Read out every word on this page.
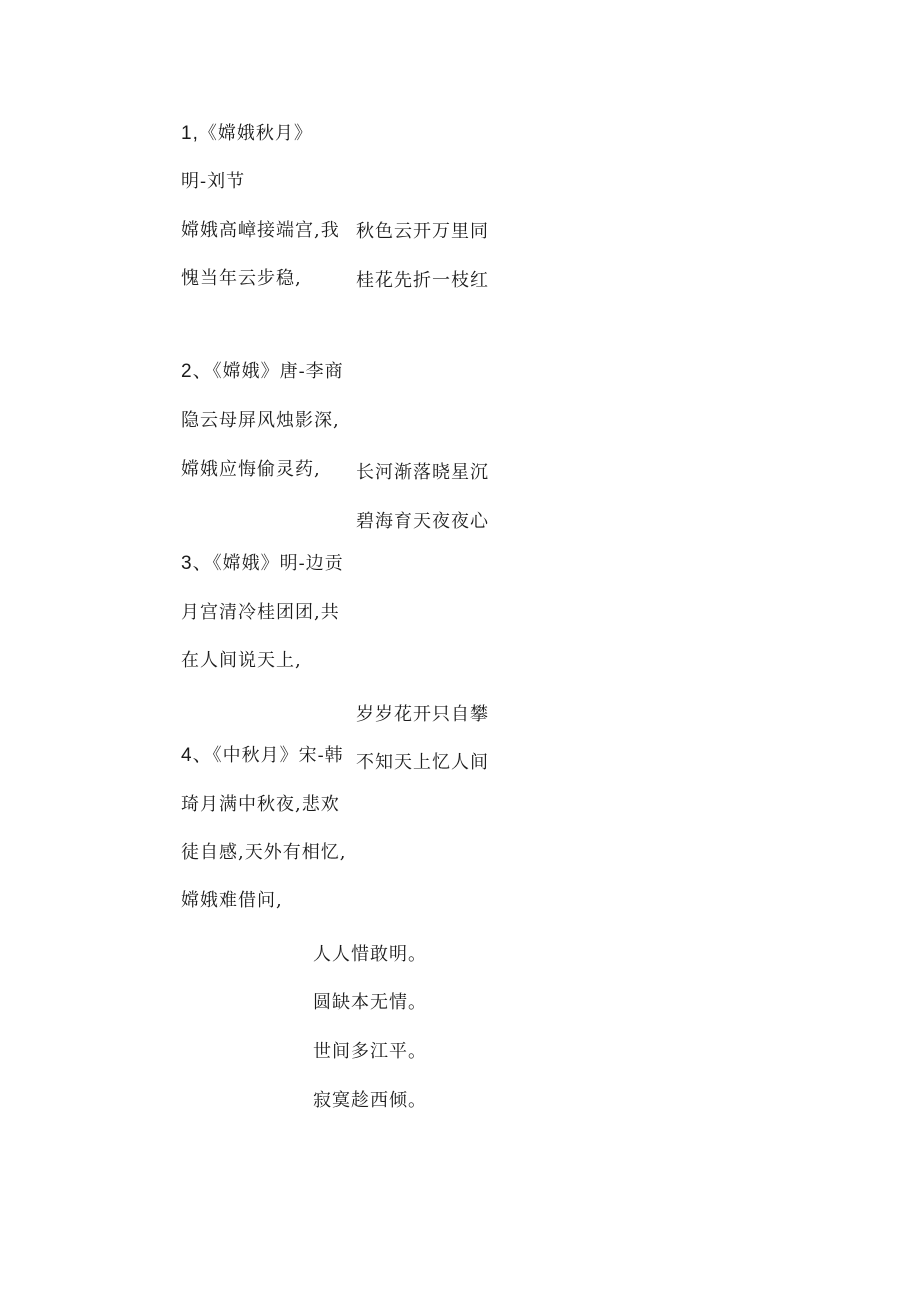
1,《嫦娥秋月》
明-刘节
嫦娥高嶂接端宫,我 秋色云开万里同
愧当年云步稳,	桂花先折一枝红
2、《嫦娥》唐-李商
隐云母屏风烛影深,
嫦娥应悔偷灵药, 长河渐落晓星沉
碧海育天夜夜心
3、《嫦娥》明-边贡
月宫清冷桂团团,共
在人间说天上,
岁岁花开只自攀
不知天上忆人间
4、《中秋月》宋-韩
琦月满中秋夜,悲欢
徒自感,天外有相忆,
嫦娥难借问,
人人惜敢明。
圆缺本无情。
世间多江平。
寂寞趁西倾。
